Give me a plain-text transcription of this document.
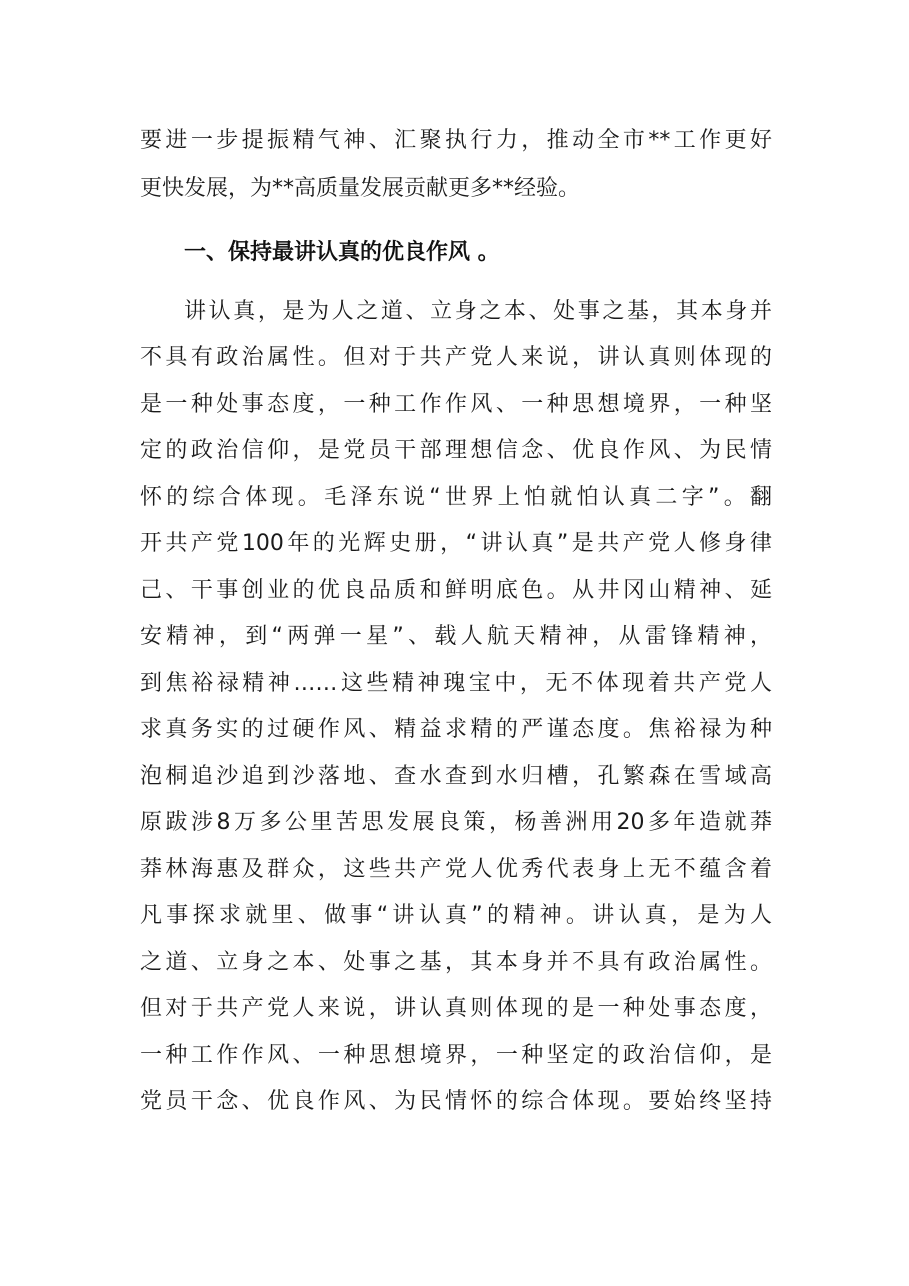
要进一步提振精气神、汇聚执行力，推动全市**工作更好
更快发展，为**高质量发展贡献更多**经验。
一、保持最讲认真的优良作风 。
讲认真，是为人之道、立身之本、处事之基，其本身并
不具有政治属性。但对于共产党人来说，讲认真则体现的
是一种处事态度，一种工作作风、一种思想境界，一种坚
定的政治信仰，是党员干部理想信念、优良作风、为民情
怀的综合体现。毛泽东说“世界上怕就怕认真二字”。翻
开共产党100年的光辉史册，“讲认真”是共产党人修身律
己、干事创业的优良品质和鲜明底色。从井冈山精神、延
安精神，到“两弹一星”、载人航天精神，从雷锋精神，
到焦裕禄精神……这些精神瑰宝中，无不体现着共产党人
求真务实的过硬作风、精益求精的严谨态度。焦裕禄为种
泡桐追沙追到沙落地、查水查到水归槽，孔繁森在雪域高
原跋涉8万多公里苦思发展良策，杨善洲用20多年造就莽
莽林海惠及群众，这些共产党人优秀代表身上无不蕴含着
凡事探求就里、做事“讲认真”的精神。讲认真，是为人
之道、立身之本、处事之基，其本身并不具有政治属性。
但对于共产党人来说，讲认真则体现的是一种处事态度，
一种工作作风、一种思想境界，一种坚定的政治信仰，是
党员干念、优良作风、为民情怀的综合体现。要始终坚持
